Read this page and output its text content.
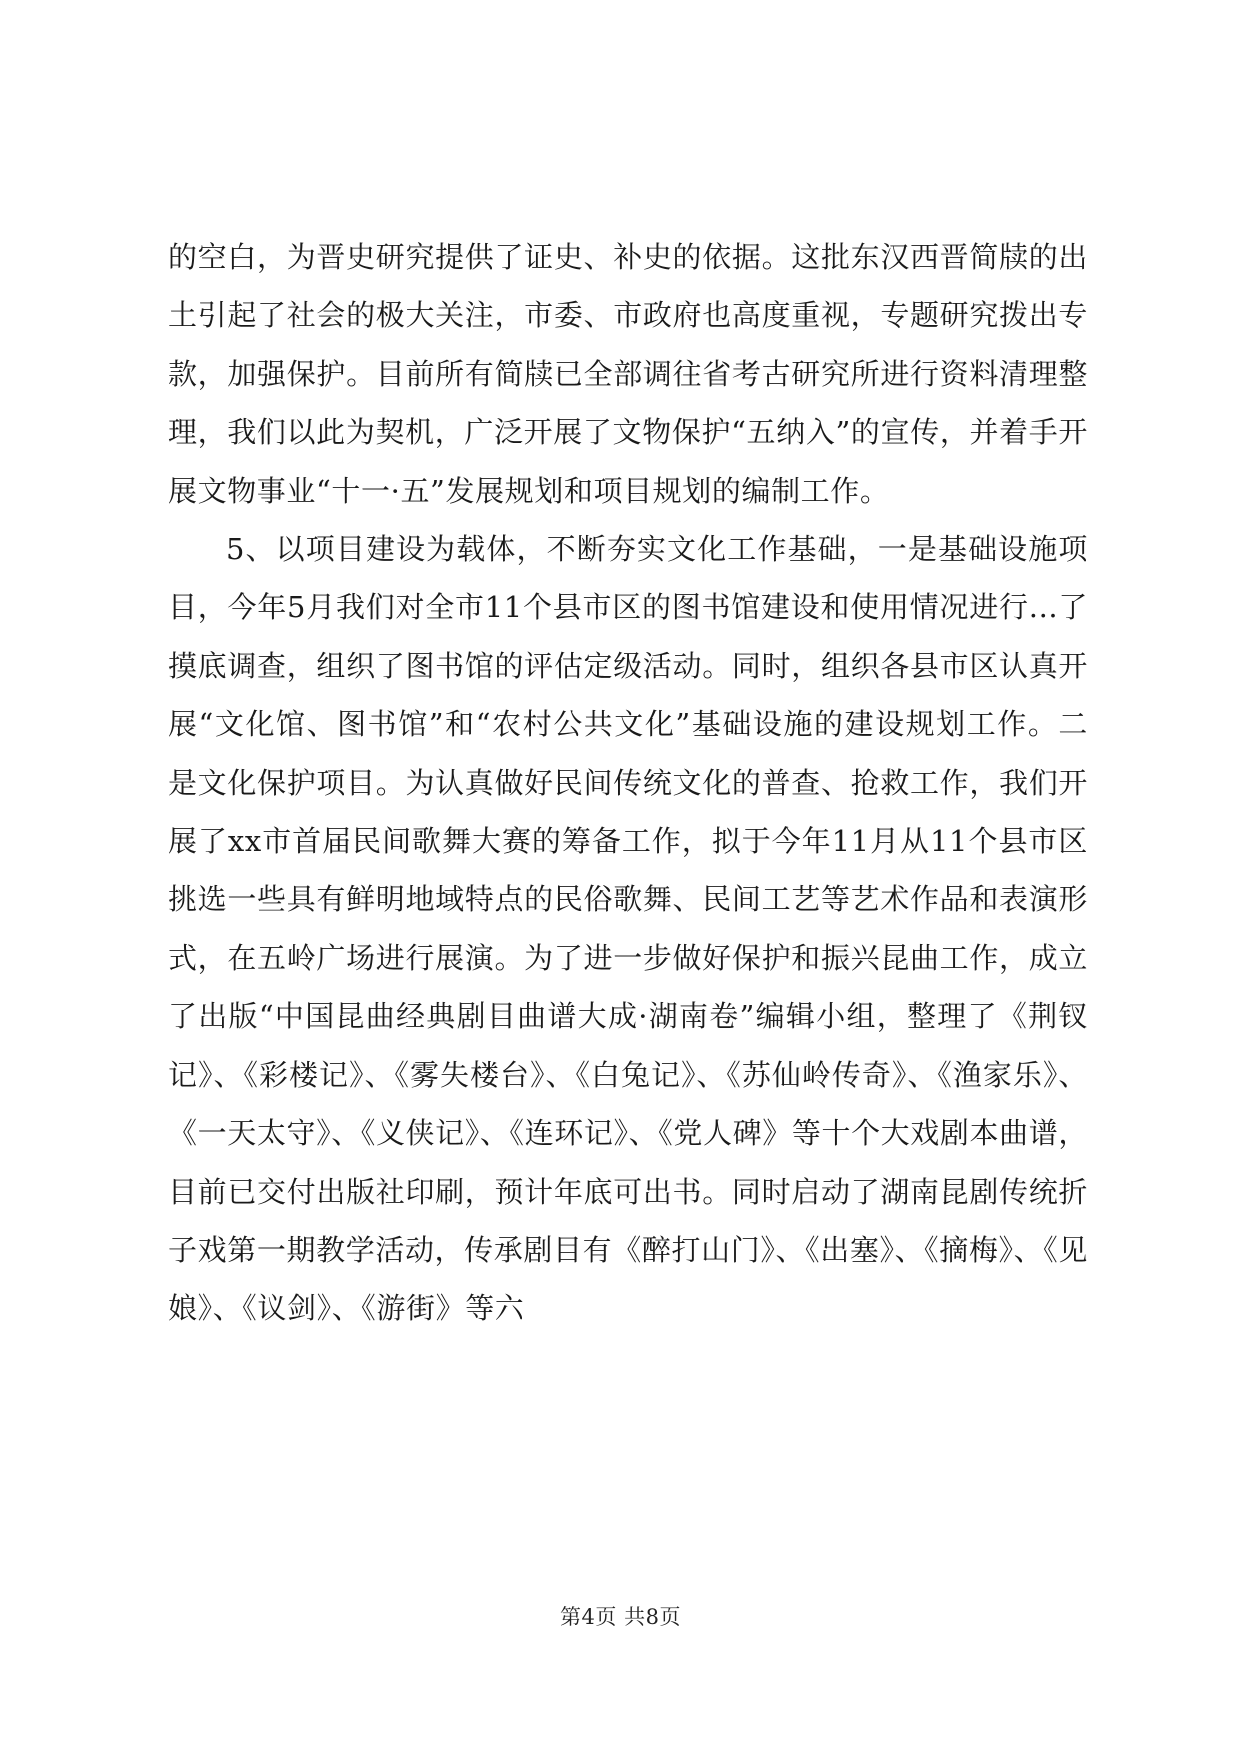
的空白，为晋史研究提供了证史、补史的依据。这批东汉西晋简牍的出土引起了社会的极大关注，市委、市政府也高度重视，专题研究拨出专款，加强保护。目前所有简牍已全部调往省考古研究所进行资料清理整理，我们以此为契机，广泛开展了文物保护“五纳入”的宣传，并着手开展文物事业“十一·五”发展规划和项目规划的编制工作。

5、以项目建设为载体，不断夯实文化工作基础，一是基础设施项目，今年5月我们对全市11个县市区的图书馆建设和使用情况进行...了摸底调查，组织了图书馆的评估定级活动。同时，组织各县市区认真开展“文化馆、图书馆”和“农村公共文化”基础设施的建设规划工作。二是文化保护项目。为认真做好民间传统文化的普查、抢救工作，我们开展了xx市首届民间歌舞大赛的筹备工作，拟于今年11月从11个县市区挑选一些具有鲜明地域特点的民俗歌舞、民间工艺等艺术作品和表演形式，在五岭广场进行展演。为了进一步做好保护和振兴昆曲工作，成立了出版“中国昆曲经典剧目曲谱大成·湖南卷”编辑小组，整理了《荆钗记》、《彩楼记》、《雾失楼台》、《白兔记》、《苏仙岭传奇》、《渔家乐》、《一天太守》、《义侠记》、《连环记》、《党人碑》等十个大戏剧本曲谱，目前已交付出版社印刷，预计年底可出书。同时启动了湖南昆剧传统折子戏第一期教学活动，传承剧目有《醉打山门》、《出塞》、《摘梅》、《见娘》、《议剑》、《游街》等六

第4页 共8页
